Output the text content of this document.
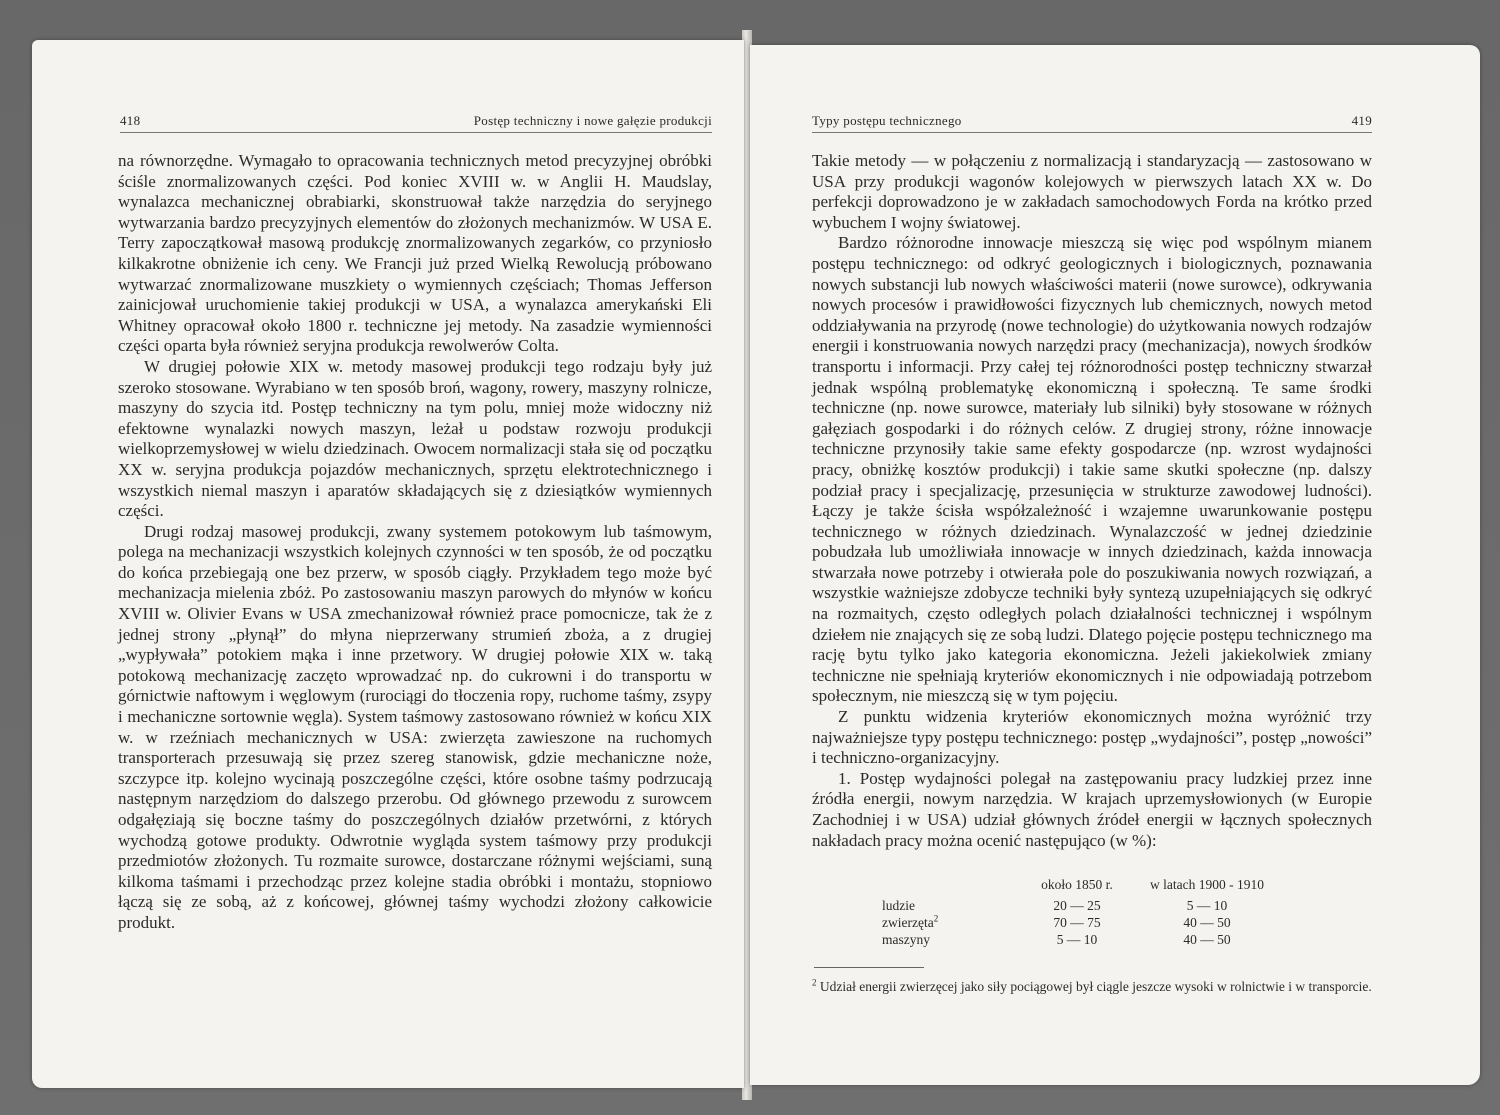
418	Postęp techniczny i nowe gałęzie produkcji

na równorzędne. Wymagało to opracowania technicznych metod precyzyjnej obróbki ściśle znormalizowanych części. Pod koniec XVIII w. w Anglii H. Maudslay, wynalazca mechanicznej obrabiarki, skonstruował także narzędzia do seryjnego wytwarzania bardzo precyzyjnych elementów do złożonych mechanizmów. W USA E. Terry zapoczątkował masową produkcję znormalizowanych zegarków, co przyniosło kilkakrotne obniżenie ich ceny. We Francji już przed Wielką Rewolucją próbowano wytwarzać znormalizowane muszkiety o wymiennych częściach; Thomas Jefferson zainicjował uruchomienie takiej produkcji w USA, a wynalazca amerykański Eli Whitney opracował około 1800 r. techniczne jej metody. Na zasadzie wymienności części oparta była również seryjna produkcja rewolwerów Colta.

W drugiej połowie XIX w. metody masowej produkcji tego rodzaju były już szeroko stosowane. Wyrabiano w ten sposób broń, wagony, rowery, maszyny rolnicze, maszyny do szycia itd. Postęp techniczny na tym polu, mniej może widoczny niż efektowne wynalazki nowych maszyn, leżał u podstaw rozwoju produkcji wielkoprzemysłowej w wielu dziedzinach. Owocem normalizacji stała się od początku XX w. seryjna produkcja pojazdów mechanicznych, sprzętu elektrotechnicznego i wszystkich niemal maszyn i aparatów składających się z dziesiątków wymiennych części.

Drugi rodzaj masowej produkcji, zwany systemem potokowym lub taśmowym, polega na mechanizacji wszystkich kolejnych czynności w ten sposób, że od początku do końca przebiegają one bez przerw, w sposób ciągły. Przykładem tego może być mechanizacja mielenia zbóż. Po zastosowaniu maszyn parowych do młynów w końcu XVIII w. Olivier Evans w USA zmechanizował również prace pomocnicze, tak że z jednej strony „płynął” do młyna nieprzerwany strumień zboża, a z drugiej „wypływała” potokiem mąka i inne przetwory. W drugiej połowie XIX w. taką potokową mechanizację zaczęto wprowadzać np. do cukrowni i do transportu w górnictwie naftowym i węglowym (rurociągi do tłoczenia ropy, ruchome taśmy, zsypy i mechaniczne sortownie węgla). System taśmowy zastosowano również w końcu XIX w. w rzeźniach mechanicznych w USA: zwierzęta zawieszone na ruchomych transporterach przesuwają się przez szereg stanowisk, gdzie mechaniczne noże, szczypce itp. kolejno wycinają poszczególne części, które osobne taśmy podrzucają następnym narzędziom do dalszego przerobu. Od głównego przewodu z surowcem odgałęziają się boczne taśmy do poszczególnych działów przetwórni, z których wychodzą gotowe produkty. Odwrotnie wygląda system taśmowy przy produkcji przedmiotów złożonych. Tu rozmaite surowce, dostarczane różnymi wejściami, suną kilkoma taśmami i przechodząc przez kolejne stadia obróbki i montażu, stopniowo łączą się ze sobą, aż z końcowej, głównej taśmy wychodzi złożony całkowicie produkt.

Typy postępu technicznego	419

Takie metody — w połączeniu z normalizacją i standaryzacją — zastosowano w USA przy produkcji wagonów kolejowych w pierwszych latach XX w. Do perfekcji doprowadzono je w zakładach samochodowych Forda na krótko przed wybuchem I wojny światowej.

Bardzo różnorodne innowacje mieszczą się więc pod wspólnym mianem postępu technicznego: od odkryć geologicznych i biologicznych, poznawania nowych substancji lub nowych właściwości materii (nowe surowce), odkrywania nowych procesów i prawidłowości fizycznych lub chemicznych, nowych metod oddziaływania na przyrodę (nowe technologie) do użytkowania nowych rodzajów energii i konstruowania nowych narzędzi pracy (mechanizacja), nowych środków transportu i informacji. Przy całej tej różnorodności postęp techniczny stwarzał jednak wspólną problematykę ekonomiczną i społeczną. Te same środki techniczne (np. nowe surowce, materiały lub silniki) były stosowane w różnych gałęziach gospodarki i do różnych celów. Z drugiej strony, różne innowacje techniczne przynosiły takie same efekty gospodarcze (np. wzrost wydajności pracy, obniżkę kosztów produkcji) i takie same skutki społeczne (np. dalszy podział pracy i specjalizację, przesunięcia w strukturze zawodowej ludności). Łączy je także ścisła współzależność i wzajemne uwarunkowanie postępu technicznego w różnych dziedzinach. Wynalazczość w jednej dziedzinie pobudzała lub umożliwiała innowacje w innych dziedzinach, każda innowacja stwarzała nowe potrzeby i otwierała pole do poszukiwania nowych rozwiązań, a wszystkie ważniejsze zdobycze techniki były syntezą uzupełniających się odkryć na rozmaitych, często odległych polach działalności technicznej i wspólnym dziełem nie znających się ze sobą ludzi. Dlatego pojęcie postępu technicznego ma rację bytu tylko jako kategoria ekonomiczna. Jeżeli jakiekolwiek zmiany techniczne nie spełniają kryteriów ekonomicznych i nie odpowiadają potrzebom społecznym, nie mieszczą się w tym pojęciu.

Z punktu widzenia kryteriów ekonomicznych można wyróżnić trzy najważniejsze typy postępu technicznego: postęp „wydajności”, postęp „nowości” i techniczno-organizacyjny.

1. Postęp wydajności polegał na zastępowaniu pracy ludzkiej przez inne źródła energii, nowym narzędzia. W krajach uprzemysłowionych (w Europie Zachodniej i w USA) udział głównych źródeł energii w łącznych społecznych nakładach pracy można ocenić następująco (w %):

	około 1850 r.	w latach 1900 - 1910
ludzie	20 — 25	5 — 10
zwierzęta$^2$	70 — 75	40 — 50
maszyny	5 — 10	40 — 50
$^2$ Udział energii zwierzęcej jako siły pociągowej był ciągle jeszcze wysoki w rolnictwie i w transporcie.
